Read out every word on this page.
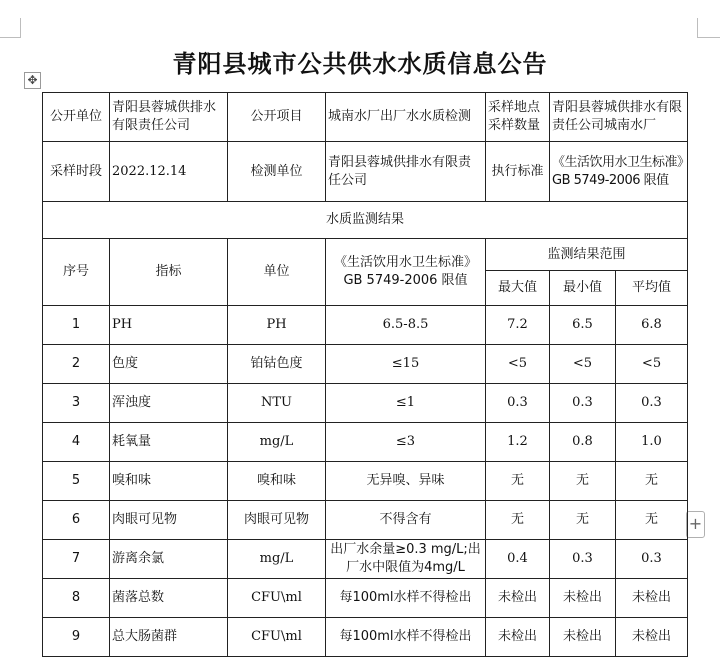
✥
+
青阳县城市公共供水水质信息公告
公开单位	青阳县蓉城供排水有限责任公司	公开项目	城南水厂出厂水水质检测	采样地点采样数量	青阳县蓉城供排水有限责任公司城南水厂	
采样时段	2022.12.14	检测单位	青阳县蓉城供排水有限责任公司	执行标准	《生活饮用水卫生标准》GB 5749-2006 限值	
水质监测结果						
序号	指标	单位	《生活饮用水卫生标准》GB 5749-2006 限值	监测结果范围		
				最大值	最小值	平均值
1	PH	PH	6.5-8.5	7.2	6.5	6.8
2	色度	铂钴色度	≤15	<5	<5	<5
3	浑浊度	NTU	≤1	0.3	0.3	0.3
4	耗氧量	mg/L	≤3	1.2	0.8	1.0
5	嗅和味	嗅和味	无异嗅、异味	无	无	无
6	肉眼可见物	肉眼可见物	不得含有	无	无	无
7	游离余氯	mg/L	出厂水余量≥0.3 mg/L;出厂水中限值为4mg/L	0.4	0.3	0.3
8	菌落总数	CFU\ml	每100ml水样不得检出	未检出	未检出	未检出
9	总大肠菌群	CFU\ml	每100ml水样不得检出	未检出	未检出	未检出
